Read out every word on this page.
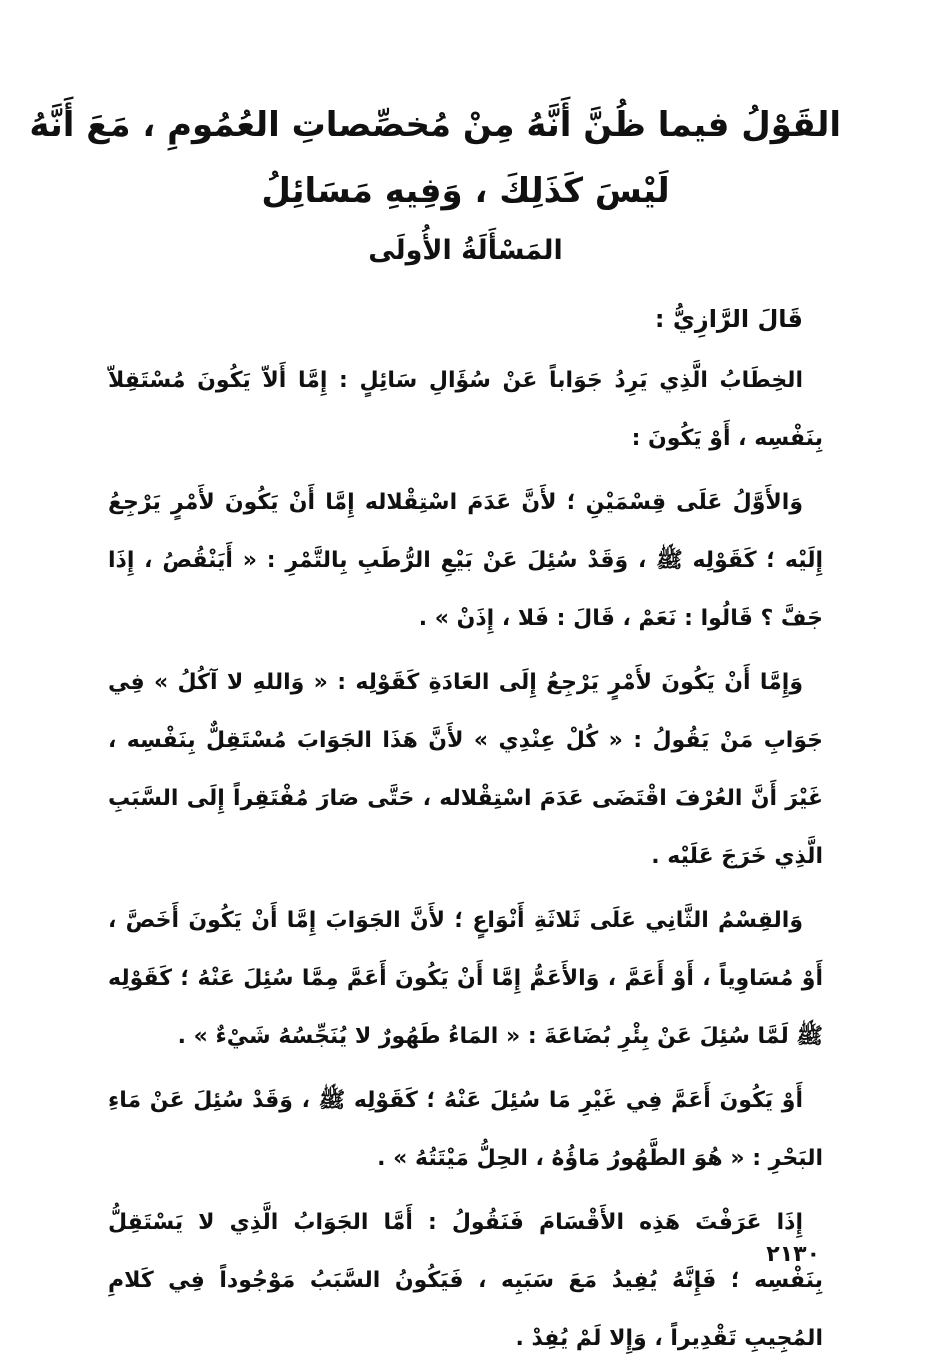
القَوْلُ فيما ظُنَّ أَنَّهُ مِنْ مُخصِّصاتِ العُمُومِ ، مَعَ أَنَّهُ
لَيْسَ كَذَلِكَ ، وَفِيهِ مَسَائِلُ
المَسْأَلَةُ الأُولَى
قَالَ الرَّازِيُّ :

الخِطَابُ الَّذِي يَرِدُ جَوَاباً عَنْ سُؤَالِ سَائِلٍ : إِمَّا أَلاّ يَكُونَ مُسْتَقِلاّ بِنَفْسِه ، أَوْ يَكُونَ :

وَالأَوَّلُ عَلَى قِسْمَيْنِ ؛ لأَنَّ عَدَمَ اسْتِقْلاله إِمَّا أَنْ يَكُونَ لأَمْرٍ يَرْجِعُ إِلَيْه ؛ كَقَوْلِه ﷺ ، وَقَدْ سُئِلَ عَنْ بَيْعِ الرُّطَبِ بِالتَّمْرِ : « أَيَنْقُصُ ، إِذَا جَفَّ ؟ قَالُوا : نَعَمْ ، قَالَ : فَلا ، إِذَنْ » .

وَإِمَّا أَنْ يَكُونَ لأَمْرٍ يَرْجِعُ إِلَى العَادَةِ كَقَوْلِه : « وَاللهِ لا آكُلُ » فِي جَوَابِ مَنْ يَقُولُ : « كُلْ عِنْدِي » لأَنَّ هَذَا الجَوَابَ مُسْتَقِلٌّ بِنَفْسِه ، غَيْرَ أَنَّ العُرْفَ اقْتَضَى عَدَمَ اسْتِقْلاله ، حَتَّى صَارَ مُفْتَقِراً إِلَى السَّبَبِ الَّذِي خَرَجَ عَلَيْه .

وَالقِسْمُ الثَّانِي عَلَى ثَلاثَةِ أَنْوَاعٍ ؛ لأَنَّ الجَوَابَ إِمَّا أَنْ يَكُونَ أَخَصَّ ، أَوْ مُسَاوِياً ، أَوْ أَعَمَّ ، وَالأَعَمُّ إِمَّا أَنْ يَكُونَ أَعَمَّ مِمَّا سُئِلَ عَنْهُ ؛ كَقَوْلِه ﷺ لَمَّا سُئِلَ عَنْ بِئْرِ بُضَاعَةَ : « المَاءُ طَهُورٌ لا يُنَجِّسُهُ شَيْءٌ » .

أَوْ يَكُونَ أَعَمَّ فِي غَيْرِ مَا سُئِلَ عَنْهُ ؛ كَقَوْلِه ﷺ ، وَقَدْ سُئِلَ عَنْ مَاءِ البَحْرِ : « هُوَ الطَّهُورُ مَاؤُهُ ، الحِلُّ مَيْتَتُهُ » .

إِذَا عَرَفْتَ هَذِه الأَقْسَامَ فَنَقُولُ : أَمَّا الجَوَابُ الَّذِي لا يَسْتَقِلُّ بِنَفْسِه ؛ فَإِنَّهُ يُفِيدُ مَعَ سَبَبِه ، فَيَكُونُ السَّبَبُ مَوْجُوداً فِي كَلامِ المُجِيبِ تَقْدِيراً ، وَإِلا لَمْ يُفِدْ .

٢١٣٠
